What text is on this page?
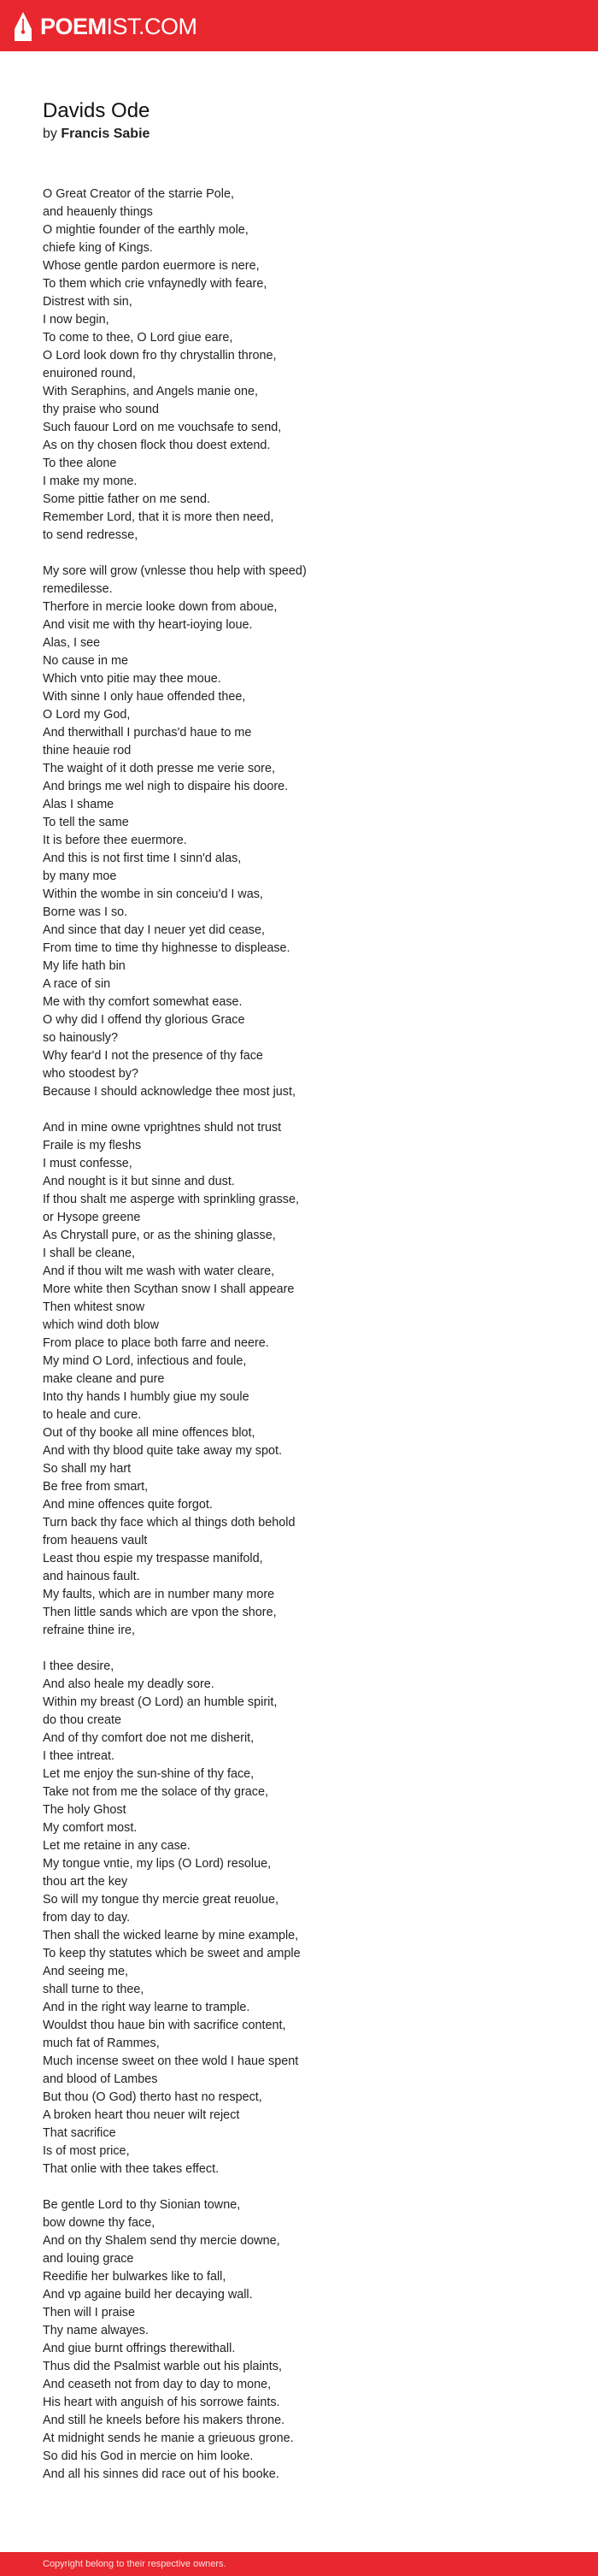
POEMIST.COM
Davids Ode
by Francis Sabie
O Great Creator of the starrie Pole,
and heauenly things
O mightie founder of the earthly mole,
chiefe king of Kings.
Whose gentle pardon euermore is nere,
To them which crie vnfaynedly with feare,
Distrest with sin,
I now begin,
To come to thee, O Lord giue eare,
O Lord look down fro thy chrystallin throne,
enuironed round,
With Seraphins, and Angels manie one,
thy praise who sound
Such fauour Lord on me vouchsafe to send,
As on thy chosen flock thou doest extend.
To thee alone
I make my mone.
Some pittie father on me send.
Remember Lord, that it is more then need,
to send redresse,
My sore will grow (vnlesse thou help with speed)
remedilesse.
Therfore in mercie looke down from aboue,
And visit me with thy heart-ioying loue.
Alas, I see
No cause in me
Which vnto pitie may thee moue.
With sinne I only haue offended thee,
O Lord my God,
And therwithall I purchas'd haue to me
thine heauie rod
The waight of it doth presse me verie sore,
And brings me wel nigh to dispaire his doore.
Alas I shame
To tell the same
It is before thee euermore.
And this is not first time I sinn'd alas,
by many moe
Within the wombe in sin conceiu'd I was,
Borne was I so.
And since that day I neuer yet did cease,
From time to time thy highnesse to displease.
My life hath bin
A race of sin
Me with thy comfort somewhat ease.
O why did I offend thy glorious Grace
so hainously?
Why fear'd I not the presence of thy face
who stoodest by?
Because I should acknowledge thee most just,
And in mine owne vprightnes shuld not trust
Fraile is my fleshs
I must confesse,
And nought is it but sinne and dust.
If thou shalt me asperge with sprinkling grasse,
or Hysope greene
As Chrystall pure, or as the shining glasse,
I shall be cleane,
And if thou wilt me wash with water cleare,
More white then Scythan snow I shall appeare
Then whitest snow
which wind doth blow
From place to place both farre and neere.
My mind O Lord, infectious and foule,
make cleane and pure
Into thy hands I humbly giue my soule
to heale and cure.
Out of thy booke all mine offences blot,
And with thy blood quite take away my spot.
So shall my hart
Be free from smart,
And mine offences quite forgot.
Turn back thy face which al things doth behold
from heauens vault
Least thou espie my trespasse manifold,
and hainous fault.
My faults, which are in number many more
Then little sands which are vpon the shore,
refraine thine ire,
I thee desire,
And also heale my deadly sore.
Within my breast (O Lord) an humble spirit,
do thou create
And of thy comfort doe not me disherit,
I thee intreat.
Let me enjoy the sun-shine of thy face,
Take not from me the solace of thy grace,
The holy Ghost
My comfort most.
Let me retaine in any case.
My tongue vntie, my lips (O Lord) resolue,
thou art the key
So will my tongue thy mercie great reuolue,
from day to day.
Then shall the wicked learne by mine example,
To keep thy statutes which be sweet and ample
And seeing me,
shall turne to thee,
And in the right way learne to trample.
Wouldst thou haue bin with sacrifice content,
much fat of Rammes,
Much incense sweet on thee wold I haue spent
and blood of Lambes
But thou (O God) therto hast no respect,
A broken heart thou neuer wilt reject
That sacrifice
Is of most price,
That onlie with thee takes effect.
Be gentle Lord to thy Sionian towne,
bow downe thy face,
And on thy Shalem send thy mercie downe,
and louing grace
Reedifie her bulwarkes like to fall,
And vp againe build her decaying wall.
Then will I praise
Thy name alwayes.
And giue burnt offrings therewithall.
Thus did the Psalmist warble out his plaints,
And ceaseth not from day to day to mone,
His heart with anguish of his sorrowe faints.
And still he kneels before his makers throne.
At midnight sends he manie a grieuous grone.
So did his God in mercie on him looke.
And all his sinnes did race out of his booke.
Copyright belong to their respective owners.
